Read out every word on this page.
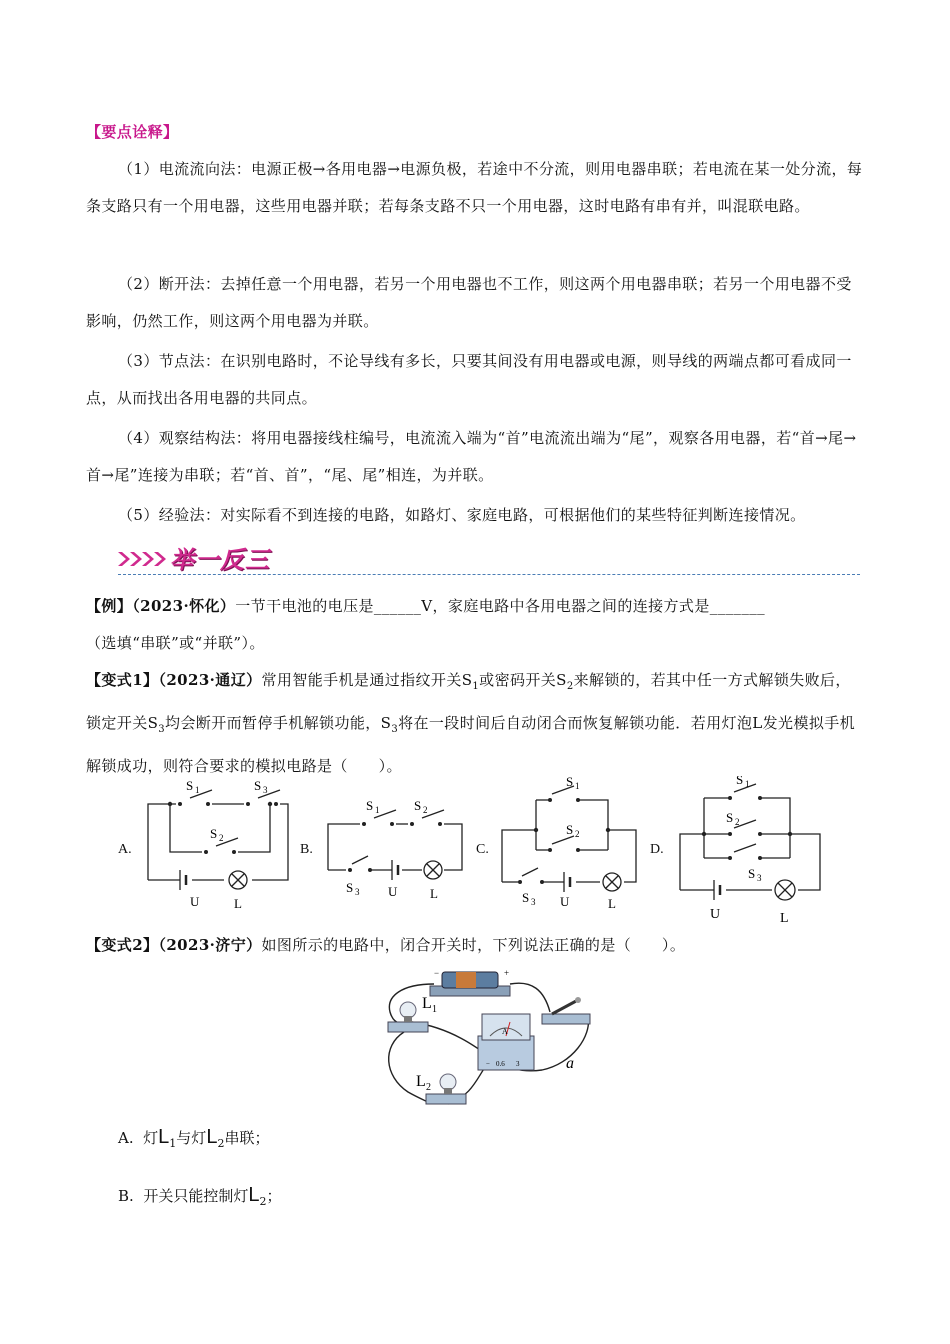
【要点诠释】

（1）电流流向法：电源正极→各用电器→电源负极，若途中不分流，则用电器串联；若电流在某一处分流，每条支路只有一个用电器，这些用电器并联；若每条支路不只一个用电器，这时电路有串有并，叫混联电路。

（2）断开法：去掉任意一个用电器，若另一个用电器也不工作，则这两个用电器串联；若另一个用电器不受影响，仍然工作，则这两个用电器为并联。

（3）节点法：在识别电路时，不论导线有多长，只要其间没有用电器或电源，则导线的两端点都可看成同一点，从而找出各用电器的共同点。

（4）观察结构法：将用电器接线柱编号，电流流入端为“首”电流流出端为“尾”，观察各用电器，若“首→尾→首→尾”连接为串联；若“首、首”，“尾、尾”相连，为并联。

（5）经验法：对实际看不到连接的电路，如路灯、家庭电路，可根据他们的某些特征判断连接情况。

举一反三

【例】（2023·怀化）一节干电池的电压是______V，家庭电路中各用电器之间的连接方式是_______

（选填“串联”或“并联”）。

【变式1】（2023·通辽）常用智能手机是通过指纹开关$S_1$或密码开关$S_2$来解锁的，若其中任一方式解锁失败后，锁定开关$S_3$均会断开而暂停手机解锁功能，$S_3$将在一段时间后自动闭合而恢复解锁功能．若用灯泡L发光模拟手机解锁成功，则符合要求的模拟电路是（　　）。

A.	B.	C.	D.
S 1	S 3
S 2
U	L
S 1	S 2
S 3 U	L
S 1
S 2
S 3 U	L
S 1
S 2
S 3
U	L

【变式2】（2023·济宁）如图所示的电路中，闭合开关时，下列说法正确的是（　　）。

−	+
L 1
L 2
A
− 0.6 3	a
A. 灯$L_1$与灯$L_2$串联；
B. 开关只能控制灯$L_2$；
